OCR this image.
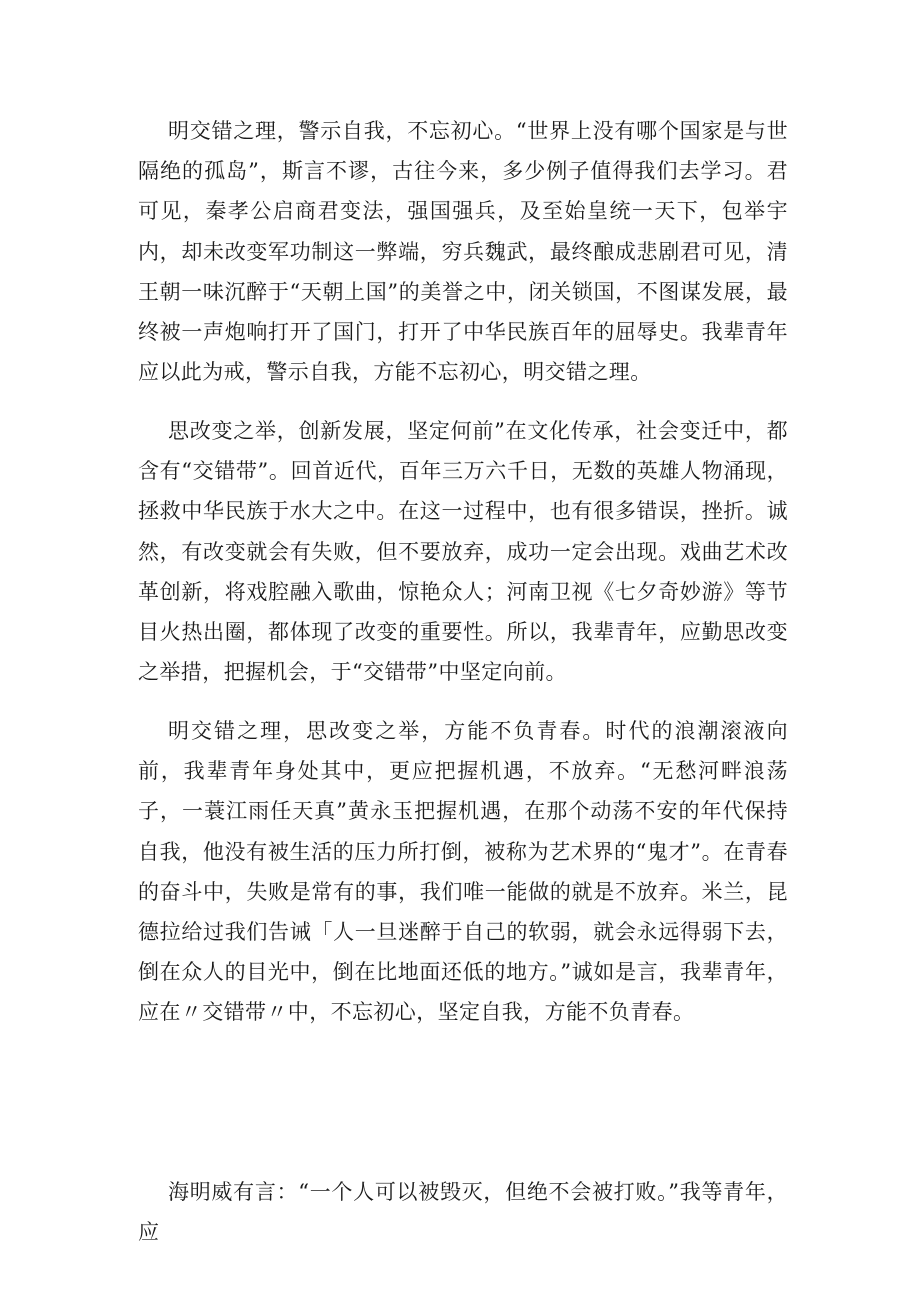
明交错之理，警示自我，不忘初心。“世界上没有哪个国家是与世隔绝的孤岛”，斯言不谬，古往今来，多少例子值得我们去学习。君可见，秦孝公启商君变法，强国强兵，及至始皇统一天下，包举宇内，却未改变军功制这一弊端，穷兵魏武，最终酿成悲剧君可见，清王朝一味沉醉于“天朝上国”的美誉之中，闭关锁国，不图谋发展，最终被一声炮响打开了国门，打开了中华民族百年的屈辱史。我辈青年应以此为戒，警示自我，方能不忘初心，明交错之理。

思改变之举，创新发展，坚定何前”在文化传承，社会变迁中，都含有“交错带”。回首近代，百年三万六千日，无数的英雄人物涌现，拯救中华民族于水大之中。在这一过程中，也有很多错误，挫折。诚然，有改变就会有失败，但不要放弃，成功一定会出现。戏曲艺术改革创新，将戏腔融入歌曲，惊艳众人；河南卫视《七夕奇妙游》等节目火热出圈，都体现了改变的重要性。所以，我辈青年，应勤思改变之举措，把握机会，于“交错带”中坚定向前。

明交错之理，思改变之举，方能不负青春。时代的浪潮滚液向前，我辈青年身处其中，更应把握机遇，不放弃。“无愁河畔浪荡子，一蓑江雨任天真”黄永玉把握机遇，在那个动荡不安的年代保持自我，他没有被生活的压力所打倒，被称为艺术界的“鬼才”。在青春的奋斗中，失败是常有的事，我们唯一能做的就是不放弃。米兰，昆德拉给过我们告诫「人一旦迷醉于自己的软弱，就会永远得弱下去，倒在众人的目光中，倒在比地面还低的地方。”诚如是言，我辈青年，应在〃交错带〃中，不忘初心，坚定自我，方能不负青春。

海明威有言：“一个人可以被毁灭，但绝不会被打败。”我等青年，应
